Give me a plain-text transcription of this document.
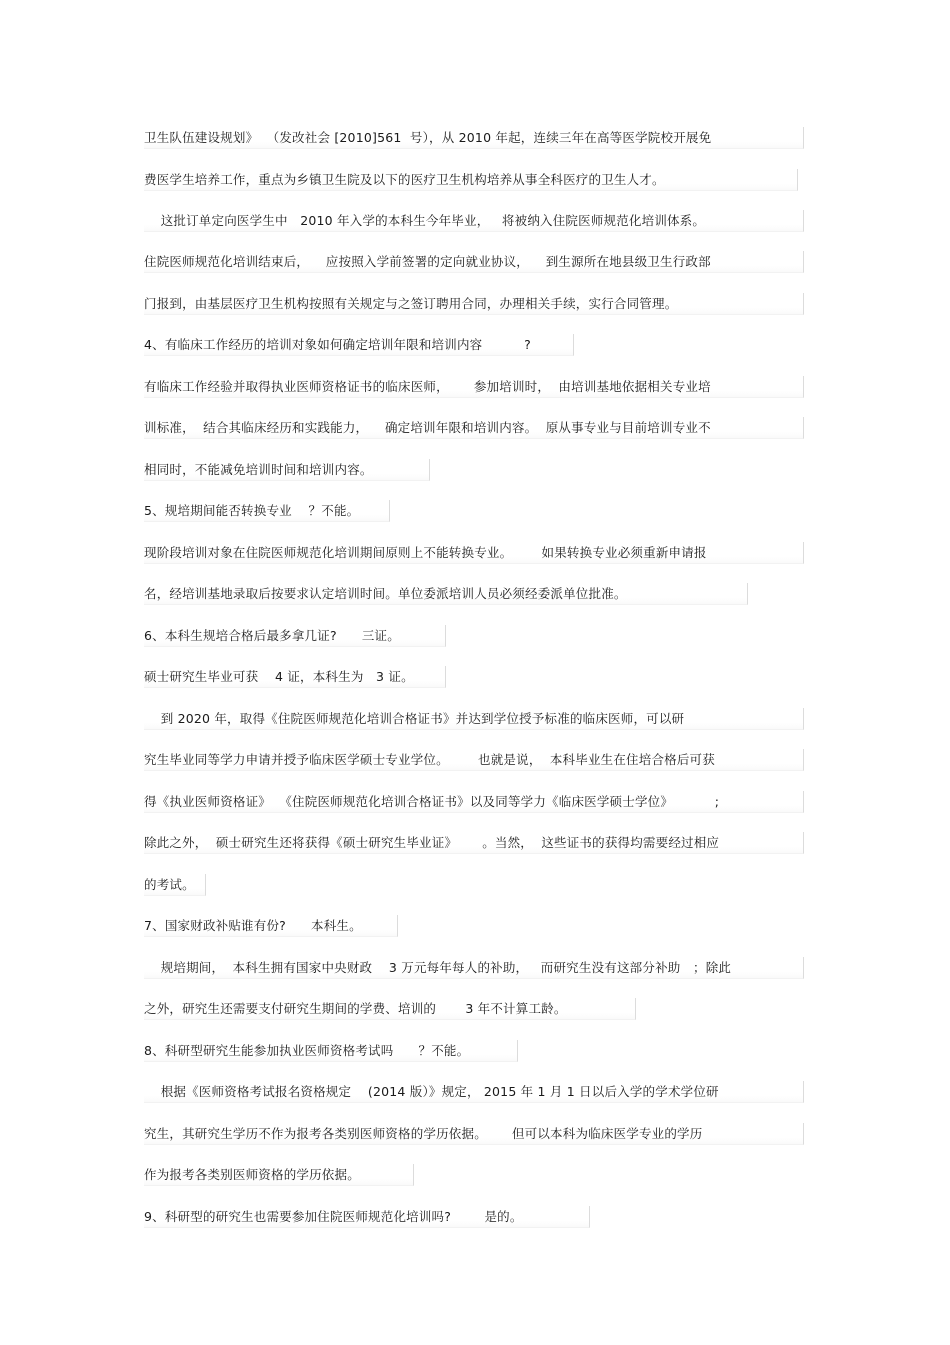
卫生队伍建设规划》  （发改社会 [2010]561  号），从 2010 年起，连续三年在高等医学院校开展免
费医学生培养工作，重点为乡镇卫生院及以下的医疗卫生机构培养从事全科医疗的卫生人才。
这批订单定向医学生中   2010 年入学的本科生今年毕业，   将被纳入住院医师规范化培训体系。
住院医师规范化培训结束后，    应按照入学前签署的定向就业协议，    到生源所在地县级卫生行政部
门报到，由基层医疗卫生机构按照有关规定与之签订聘用合同，办理相关手续，实行合同管理。
4、有临床工作经历的培训对象如何确定培训年限和培训内容          ?
有临床工作经验并取得执业医师资格证书的临床医师，      参加培训时，  由培训基地依据相关专业培
训标准，  结合其临床经历和实践能力，    确定培训年限和培训内容。  原从事专业与目前培训专业不
相同时，不能减免培训时间和培训内容。
5、规培期间能否转换专业    ？不能。
现阶段培训对象在住院医师规范化培训期间原则上不能转换专业。       如果转换专业必须重新申请报
名，经培训基地录取后按要求认定培训时间。单位委派培训人员必须经委派单位批准。
6、本科生规培合格后最多拿几证?      三证。
硕士研究生毕业可获    4 证，本科生为   3 证。
到 2020 年，取得《住院医师规范化培训合格证书》并达到学位授予标准的临床医师，可以研
究生毕业同等学力申请并授予临床医学硕士专业学位。       也就是说，  本科毕业生在住培合格后可获
得《执业医师资格证》  《住院医师规范化培训合格证书》以及同等学力《临床医学硕士学位》          ;
除此之外，  硕士研究生还将获得《硕士研究生毕业证》      。当然，  这些证书的获得均需要经过相应
的考试。
7、国家财政补贴谁有份?      本科生。
规培期间，  本科生拥有国家中央财政    3 万元每年每人的补助，   而研究生没有这部分补助   ；除此
之外，研究生还需要支付研究生期间的学费、培训的       3 年不计算工龄。
8、科研型研究生能参加执业医师资格考试吗      ？不能。
根据《医师资格考试报名资格规定    (2014 版）》规定， 2015 年 1 月 1 日以后入学的学术学位研
究生，其研究生学历不作为报考各类别医师资格的学历依据。      但可以本科为临床医学专业的学历
作为报考各类别医师资格的学历依据。
9、科研型的研究生也需要参加住院医师规范化培训吗?        是的。
